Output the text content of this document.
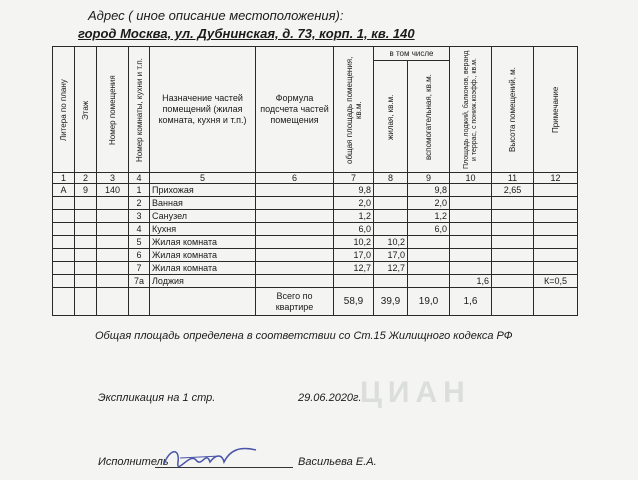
Адрес ( иное описание местоположения):
город Москва, ул. Дубнинская, д. 73, корп. 1, кв. 140
Литера по плану	Этаж	Номер помещения	Номер комнаты, кухни и т.п.	Назначение частей помещений (жилая комната, кухня и т.п.)	Формула подсчета частей помещения	общая площадь помещения, кв.м.	в том числе		Площадь лоджий, балконов, веранд и террас, с пониж.коэфф., кв.м.	Высота помещений, м.	Примечание

							жилая, кв.м.	вспомогательная, кв.м.			

1	2	3	4	5	6	7	8	9	10	11	12
А	9	140	1	Прихожая		9,8		9,8		2,65	
			2	Ванная		2,0		2,0			
			3	Санузел		1,2		1,2			
			4	Кухня		6,0		6,0			
			5	Жилая комната		10,2	10,2				
			6	Жилая комната		17,0	17,0				
			7	Жилая комната		12,7	12,7				
			7а	Лоджия					1,6		К=0,5
					Всего по квартире	58,9	39,9	19,0	1,6		
Общая площадь определена в соответствии со Ст.15 Жилищного кодекса РФ
ЦИАН
Экспликация на 1 стр.	29.06.2020г.
Исполнитель	Васильева Е.А.
